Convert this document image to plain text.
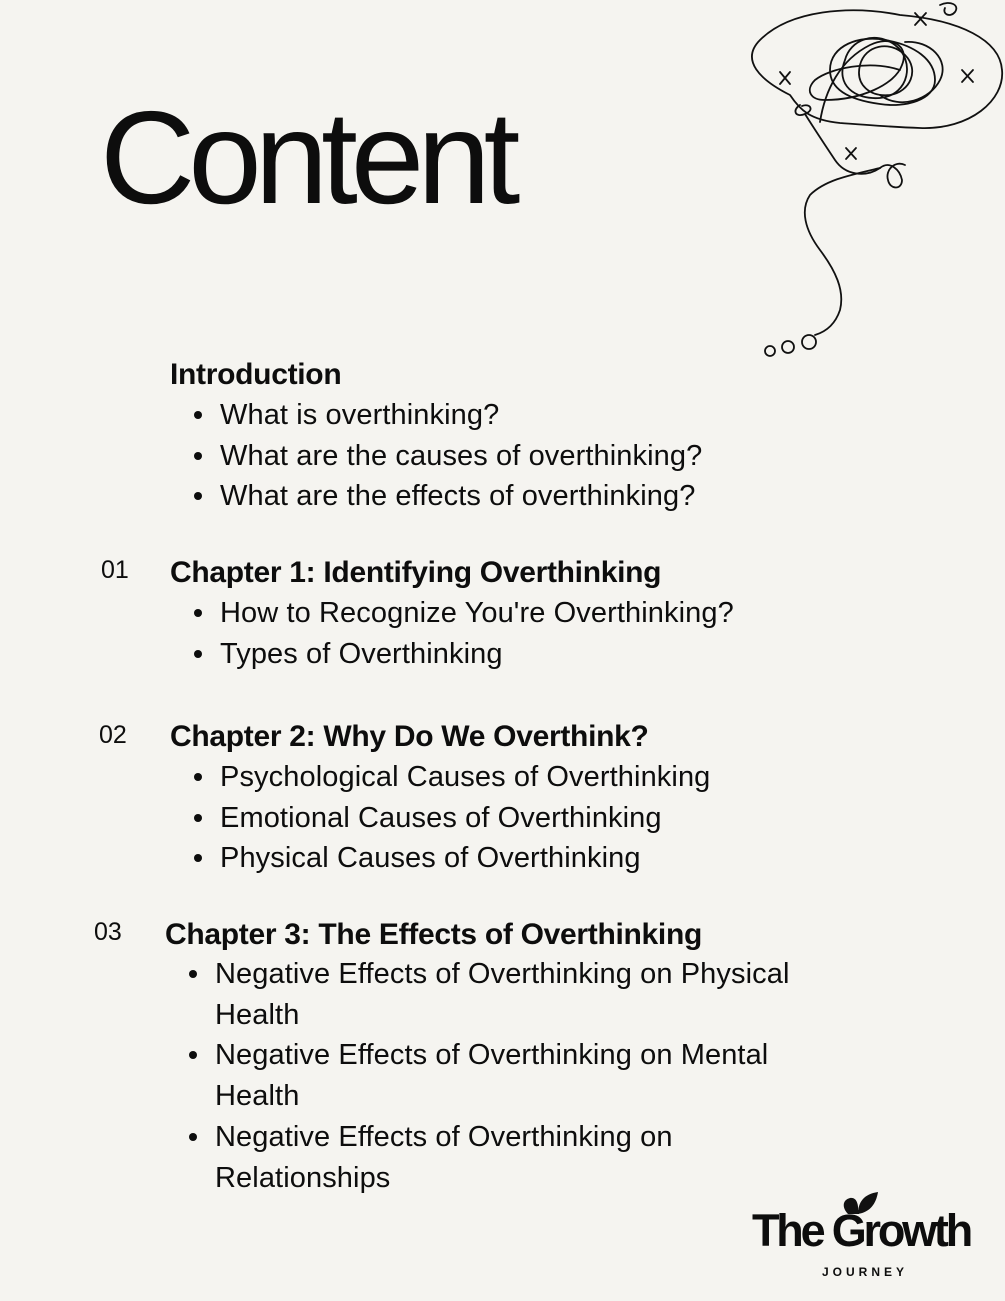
Content
Introduction
What is overthinking?
What are the causes of overthinking?
What are the effects of overthinking?
01 Chapter 1: Identifying Overthinking
How to Recognize You're Overthinking?
Types of Overthinking
02 Chapter 2: Why Do We Overthink?
Psychological Causes of Overthinking
Emotional Causes of Overthinking
Physical Causes of Overthinking
03 Chapter 3: The Effects of Overthinking
Negative Effects of Overthinking on Physical
Health
Negative Effects of Overthinking on Mental
Health
Negative Effects of Overthinking on
Relationships
The Growth
JOURNEY
